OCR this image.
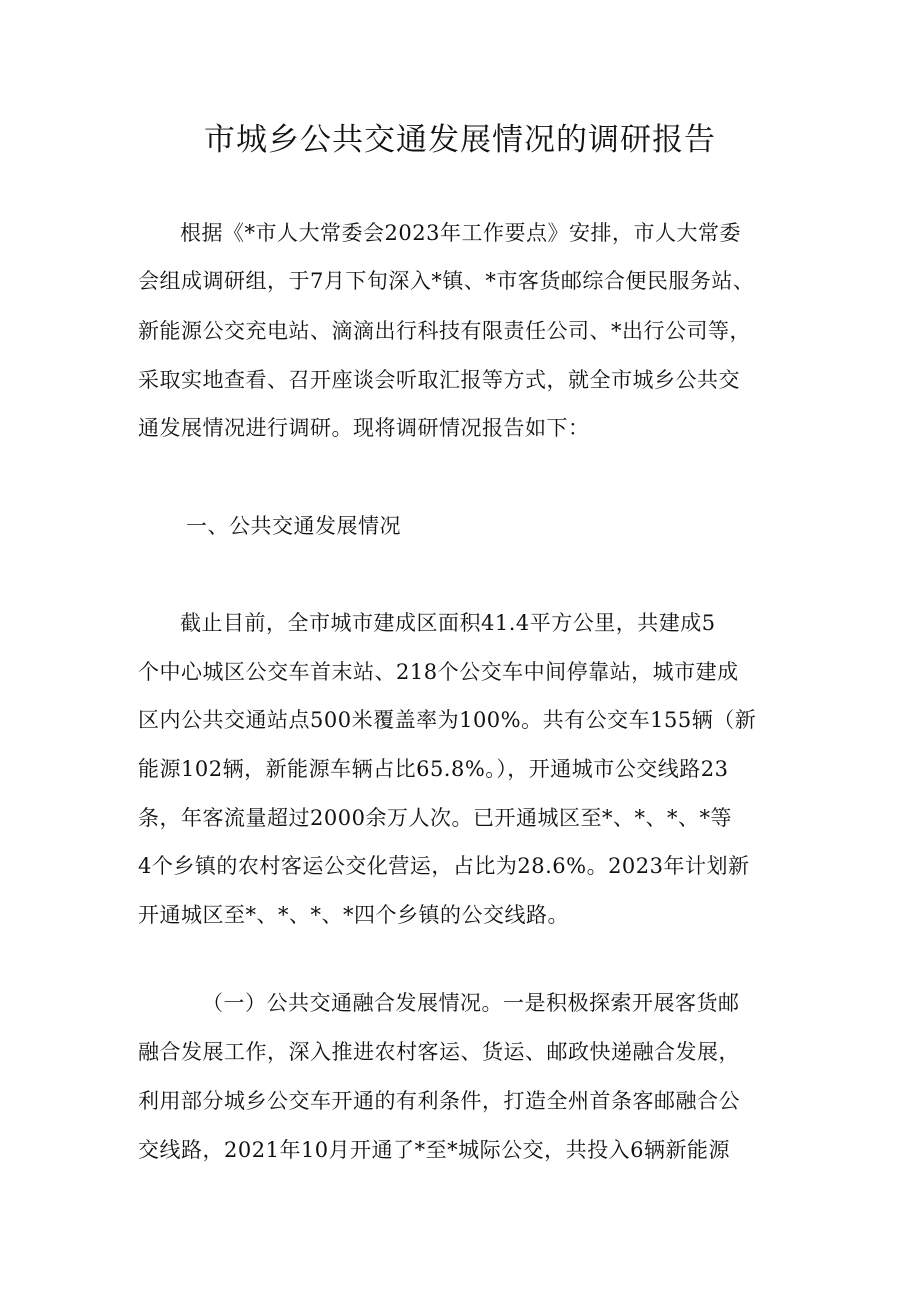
市城乡公共交通发展情况的调研报告

根据《*市人大常委会2023年工作要点》安排，市人大常委

会组成调研组，于7月下旬深入*镇、*市客货邮综合便民服务站、

新能源公交充电站、滴滴出行科技有限责任公司、*出行公司等，

采取实地查看、召开座谈会听取汇报等方式，就全市城乡公共交

通发展情况进行调研。现将调研情况报告如下：

一、公共交通发展情况

截止目前，全市城市建成区面积41.4平方公里，共建成5

个中心城区公交车首末站、218个公交车中间停靠站，城市建成

区内公共交通站点500米覆盖率为100%。共有公交车155辆（新

能源102辆，新能源车辆占比65.8%。），开通城市公交线路23

条，年客流量超过2000余万人次。已开通城区至*、*、*、*等

4个乡镇的农村客运公交化营运，占比为28.6%。2023年计划新

开通城区至*、*、*、*四个乡镇的公交线路。

（一）公共交通融合发展情况。一是积极探索开展客货邮

融合发展工作，深入推进农村客运、货运、邮政快递融合发展，

利用部分城乡公交车开通的有利条件，打造全州首条客邮融合公

交线路，2021年10月开通了*至*城际公交，共投入6辆新能源
